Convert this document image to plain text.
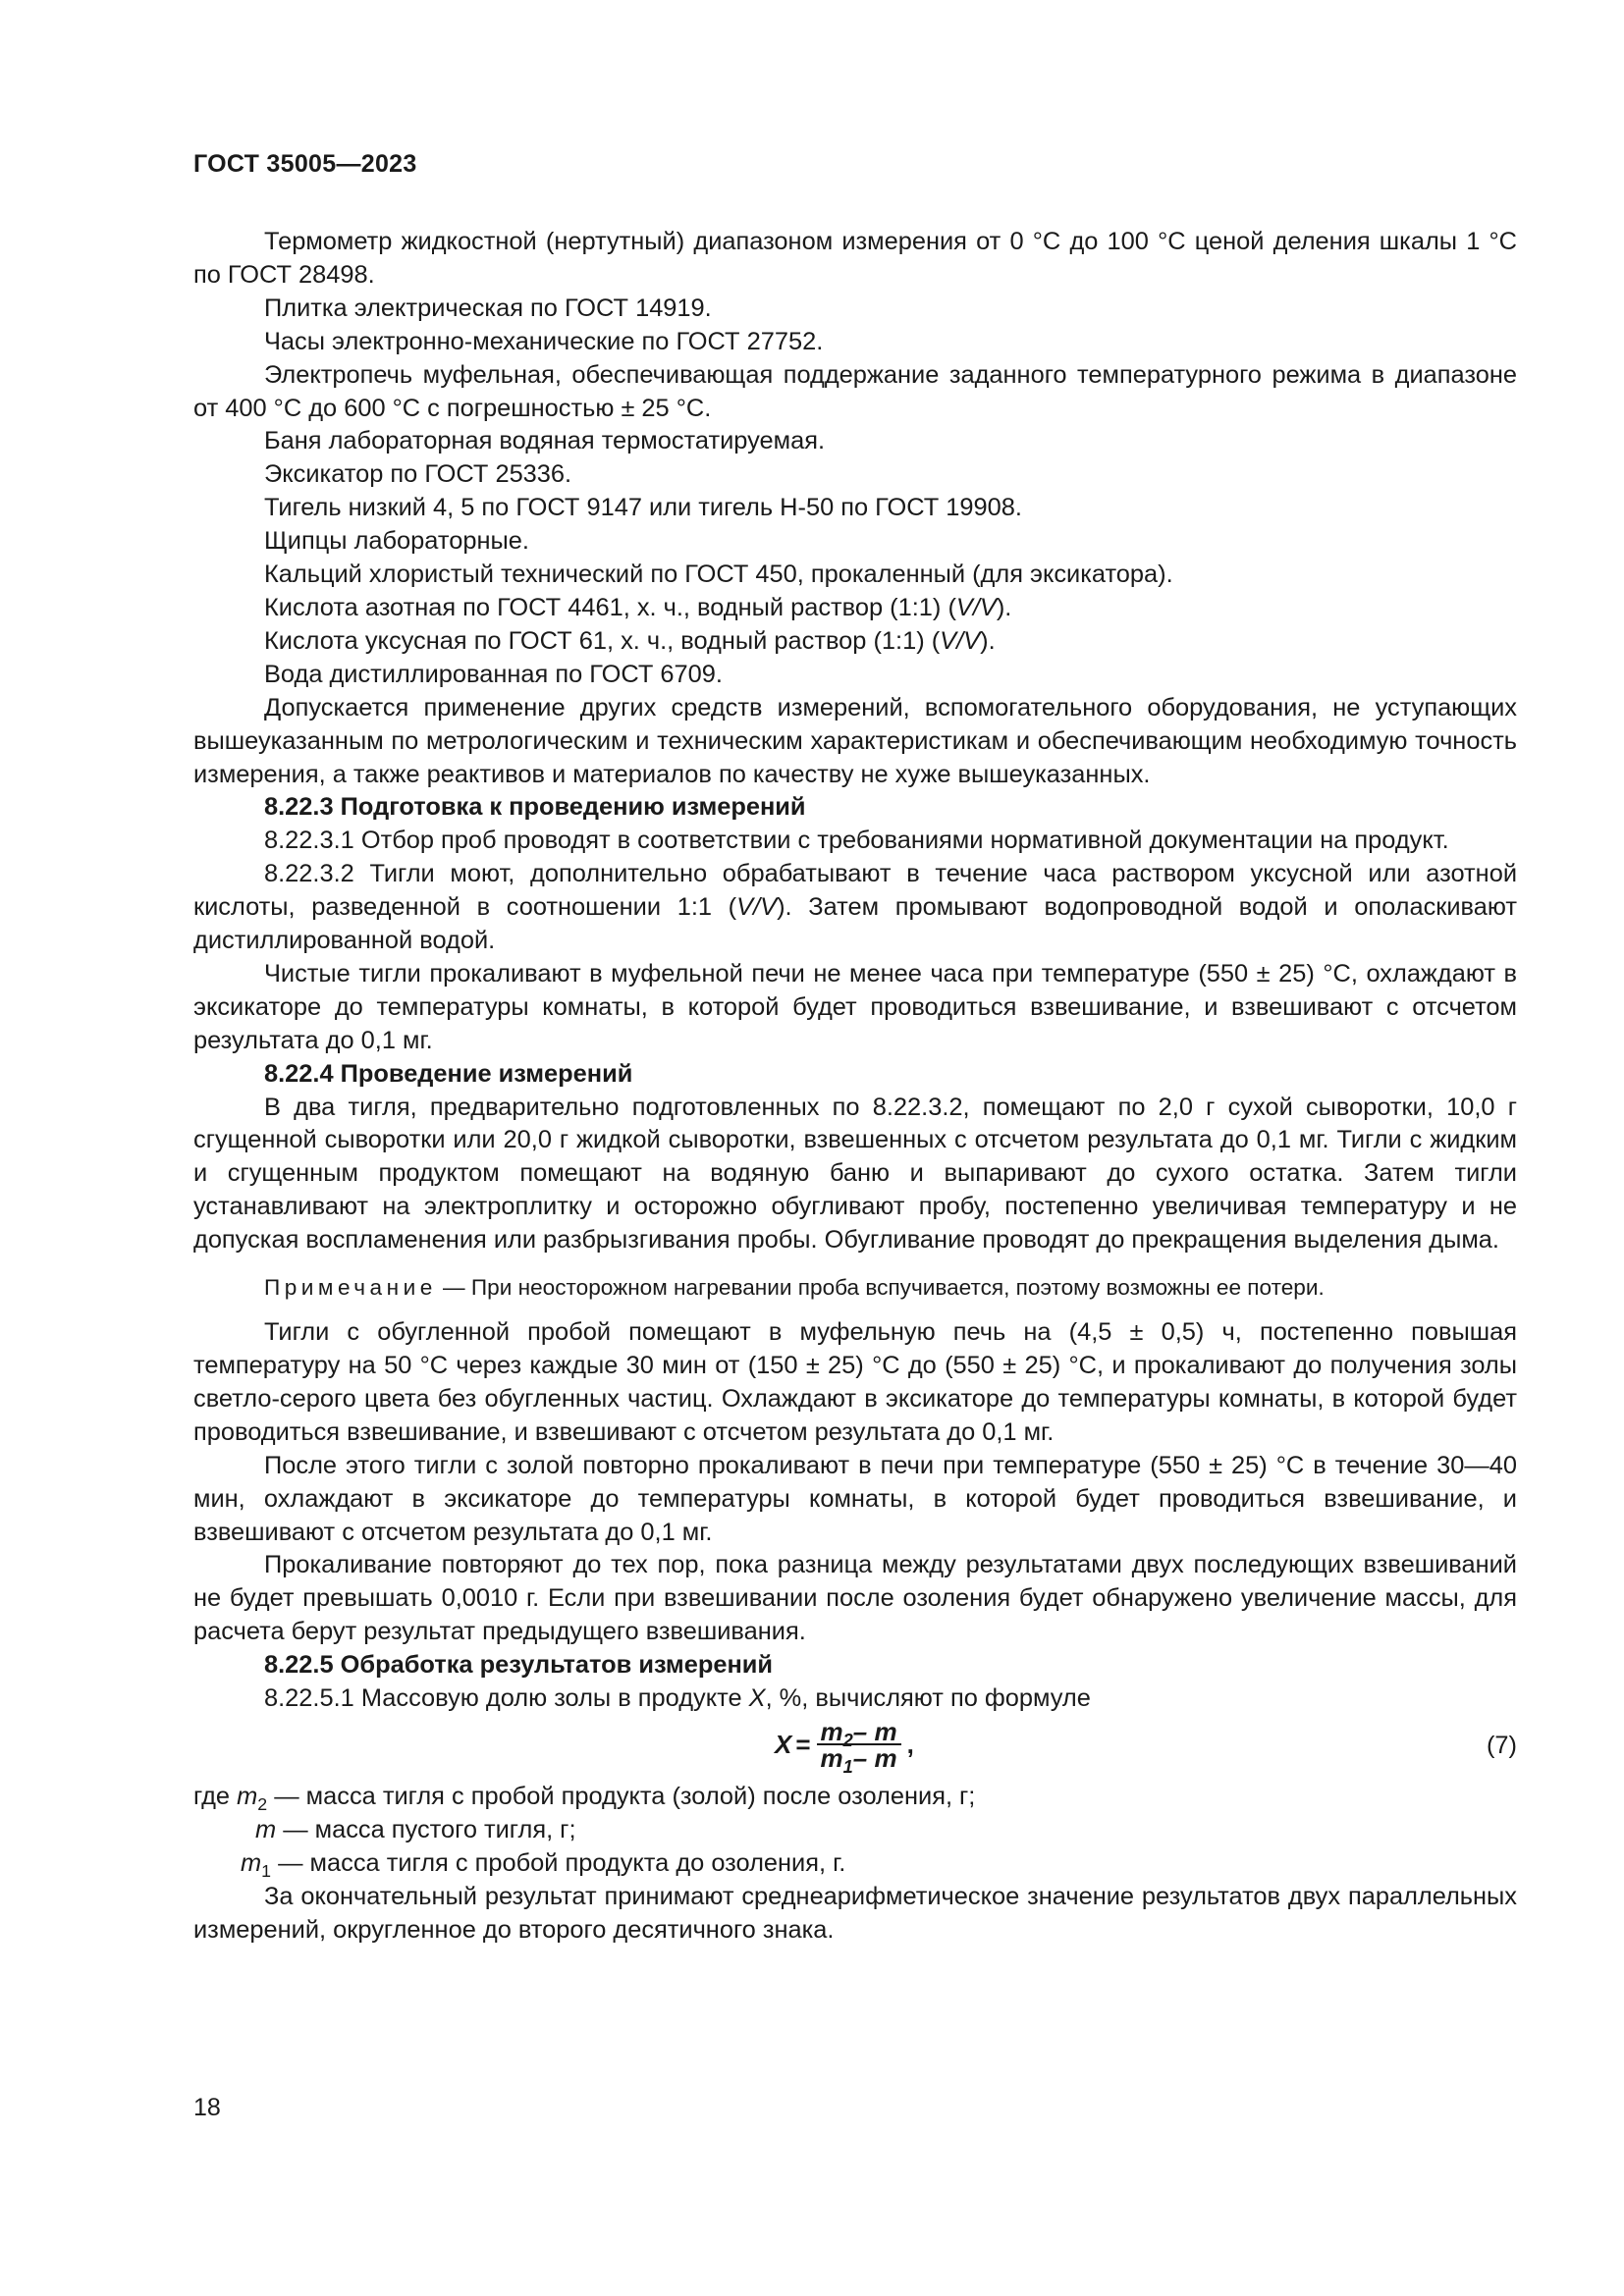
ГОСТ 35005—2023

Термометр жидкостной (нертутный) диапазоном измерения от 0 °С до 100 °С ценой деления шкалы 1 °С по ГОСТ 28498.

Плитка электрическая по ГОСТ 14919.

Часы электронно-механические по ГОСТ 27752.

Электропечь муфельная, обеспечивающая поддержание заданного температурного режима в диапазоне от 400 °С до 600 °С с погрешностью ± 25 °С.

Баня лабораторная водяная термостатируемая.

Эксикатор по ГОСТ 25336.

Тигель низкий 4, 5 по ГОСТ 9147 или тигель Н-50 по ГОСТ 19908.

Щипцы лабораторные.

Кальций хлористый технический по ГОСТ 450, прокаленный (для эксикатора).

Кислота азотная по ГОСТ 4461, х. ч., водный раствор (1:1) (V/V).

Кислота уксусная по ГОСТ 61, х. ч., водный раствор (1:1) (V/V).

Вода дистиллированная по ГОСТ 6709.

Допускается применение других средств измерений, вспомогательного оборудования, не уступающих вышеуказанным по метрологическим и техническим характеристикам и обеспечивающим необходимую точность измерения, а также реактивов и материалов по качеству не хуже вышеуказанных.

8.22.3 Подготовка к проведению измерений

8.22.3.1 Отбор проб проводят в соответствии с требованиями нормативной документации на продукт.

8.22.3.2 Тигли моют, дополнительно обрабатывают в течение часа раствором уксусной или азотной кислоты, разведенной в соотношении 1:1 (V/V). Затем промывают водопроводной водой и ополаскивают дистиллированной водой.

Чистые тигли прокаливают в муфельной печи не менее часа при температуре (550 ± 25) °С, охлаждают в эксикаторе до температуры комнаты, в которой будет проводиться взвешивание, и взвешивают с отсчетом результата до 0,1 мг.

8.22.4 Проведение измерений

В два тигля, предварительно подготовленных по 8.22.3.2, помещают по 2,0 г сухой сыворотки, 10,0 г сгущенной сыворотки или 20,0 г жидкой сыворотки, взвешенных с отсчетом результата до 0,1 мг. Тигли с жидким и сгущенным продуктом помещают на водяную баню и выпаривают до сухого остатка. Затем тигли устанавливают на электроплитку и осторожно обугливают пробу, постепенно увеличивая температуру и не допуская воспламенения или разбрызгивания пробы. Обугливание проводят до прекращения выделения дыма.

Примечание — При неосторожном нагревании проба вспучивается, поэтому возможны ее потери.

Тигли с обугленной пробой помещают в муфельную печь на (4,5 ± 0,5) ч, постепенно повышая температуру на 50 °С через каждые 30 мин от (150 ± 25) °С до (550 ± 25) °С, и прокаливают до получения золы светло-серого цвета без обугленных частиц. Охлаждают в эксикаторе до температуры комнаты, в которой будет проводиться взвешивание, и взвешивают с отсчетом результата до 0,1 мг.

После этого тигли с золой повторно прокаливают в печи при температуре (550 ± 25) °С в течение 30—40 мин, охлаждают в эксикаторе до температуры комнаты, в которой будет проводиться взвешивание, и взвешивают с отсчетом результата до 0,1 мг.

Прокаливание повторяют до тех пор, пока разница между результатами двух последующих взвешиваний не будет превышать 0,0010 г. Если при взвешивании после озоления будет обнаружено увеличение массы, для расчета берут результат предыдущего взвешивания.

8.22.5 Обработка результатов измерений

8.22.5.1 Массовую долю золы в продукте X, %, вычисляют по формуле

$X = \frac{m_2- m}{m_1- m}$ ,	(7)

где $m_2$ — масса тигля с пробой продукта (золой) после озоления, г;

m — масса пустого тигля, г;

$m_1$ — масса тигля с пробой продукта до озоления, г.

За окончательный результат принимают среднеарифметическое значение результатов двух параллельных измерений, округленное до второго десятичного знака.

18
